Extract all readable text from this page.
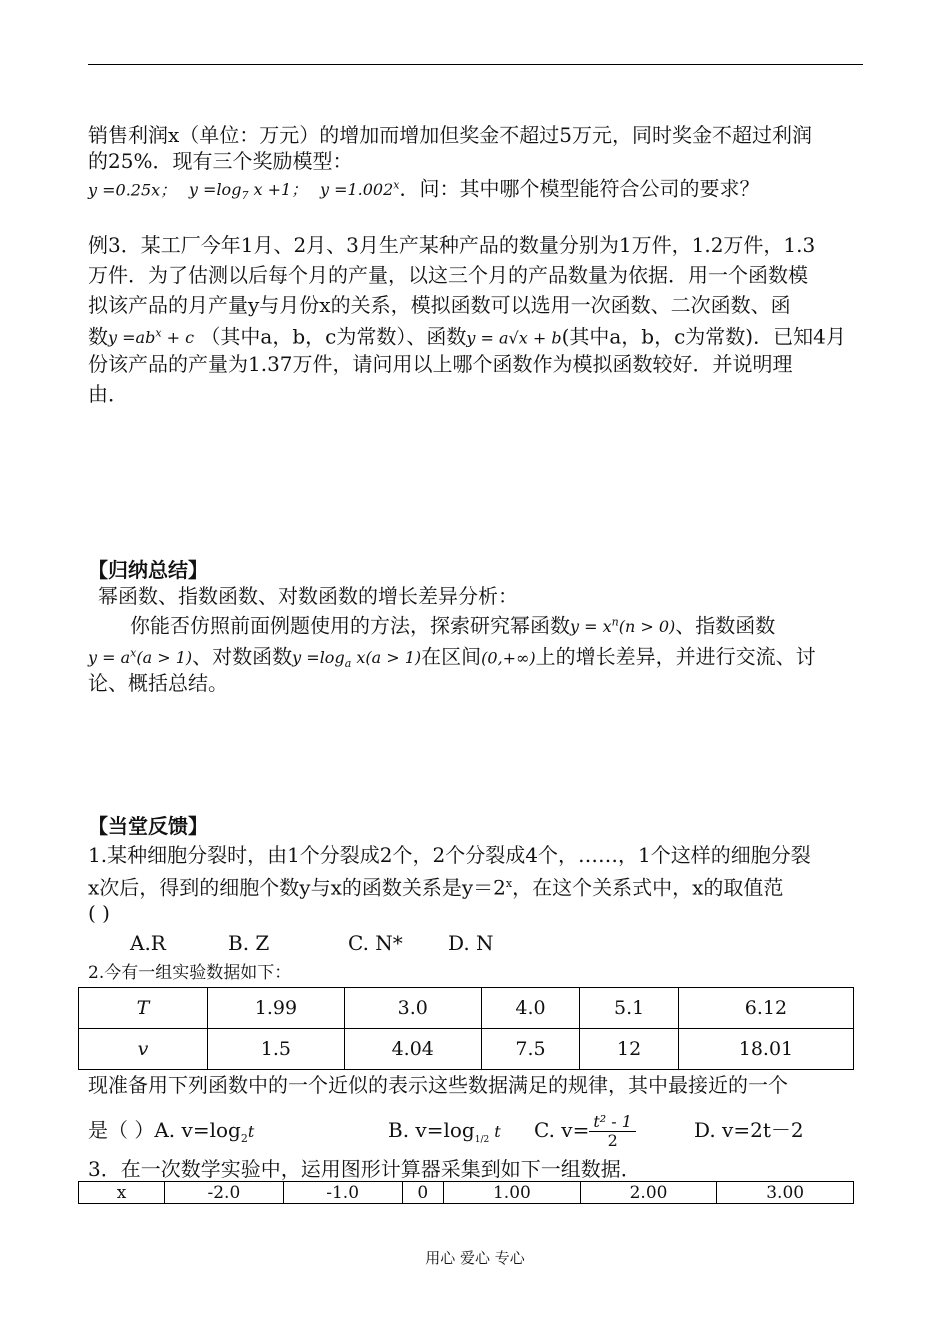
销售利润x（单位：万元）的增加而增加但奖金不超过5万元，同时奖金不超过利润
的25%．现有三个奖励模型：
y =0.25x； $y =\log_7$ x +1； $y =1.002^x$．问：其中哪个模型能符合公司的要求？
例3．某工厂今年1月、2月、3月生产某种产品的数量分别为1万件，1.2万件，1.3
万件．为了估测以后每个月的产量，以这三个月的产品数量为依据．用一个函数模
拟该产品的月产量y与月份x的关系，模拟函数可以选用一次函数、二次函数、函
数$y =ab^x + c$ （其中a，b，c为常数）、函数y = a√x + b(其中a，b，c为常数)．已知4月
份该产品的产量为1.37万件，请问用以上哪个函数作为模拟函数较好．并说明理
由．
【归纳总结】
幂函数、指数函数、对数函数的增长差异分析：
你能否仿照前面例题使用的方法，探索研究幂函数$y = x^n(n > 0)$、指数函数
$y = a^x(a > 1)$、对数函数$y =\log_a$ x(a > 1)在区间(0,+∞)上的增长差异，并进行交流、讨
论、概括总结。
【当堂反馈】
1.某种细胞分裂时，由1个分裂成2个，2个分裂成4个，……，1个这样的细胞分裂
x次后，得到的细胞个数y与x的函数关系是$y=2^x$，在这个关系式中，x的取值范
( )
A.R	B. Z	C. N* D. N
2.今有一组实验数据如下：
T	1.99	3.0	4.0	5.1	6.12
v	1.5	4.04	7.5	12	18.01
现准备用下列函数中的一个近似的表示这些数据满足的规律，其中最接近的一个
是（ ）A. $v=\log_2t$	B. $v=\log_{1/2}$ t C. $v= \frac{\text{t² - 1}}{2}$	D. v=2t－2
3．在一次数学实验中，运用图形计算器采集到如下一组数据．
x	-2.0	-1.0	0	1.00	2.00	3.00
用心 爱心 专心
